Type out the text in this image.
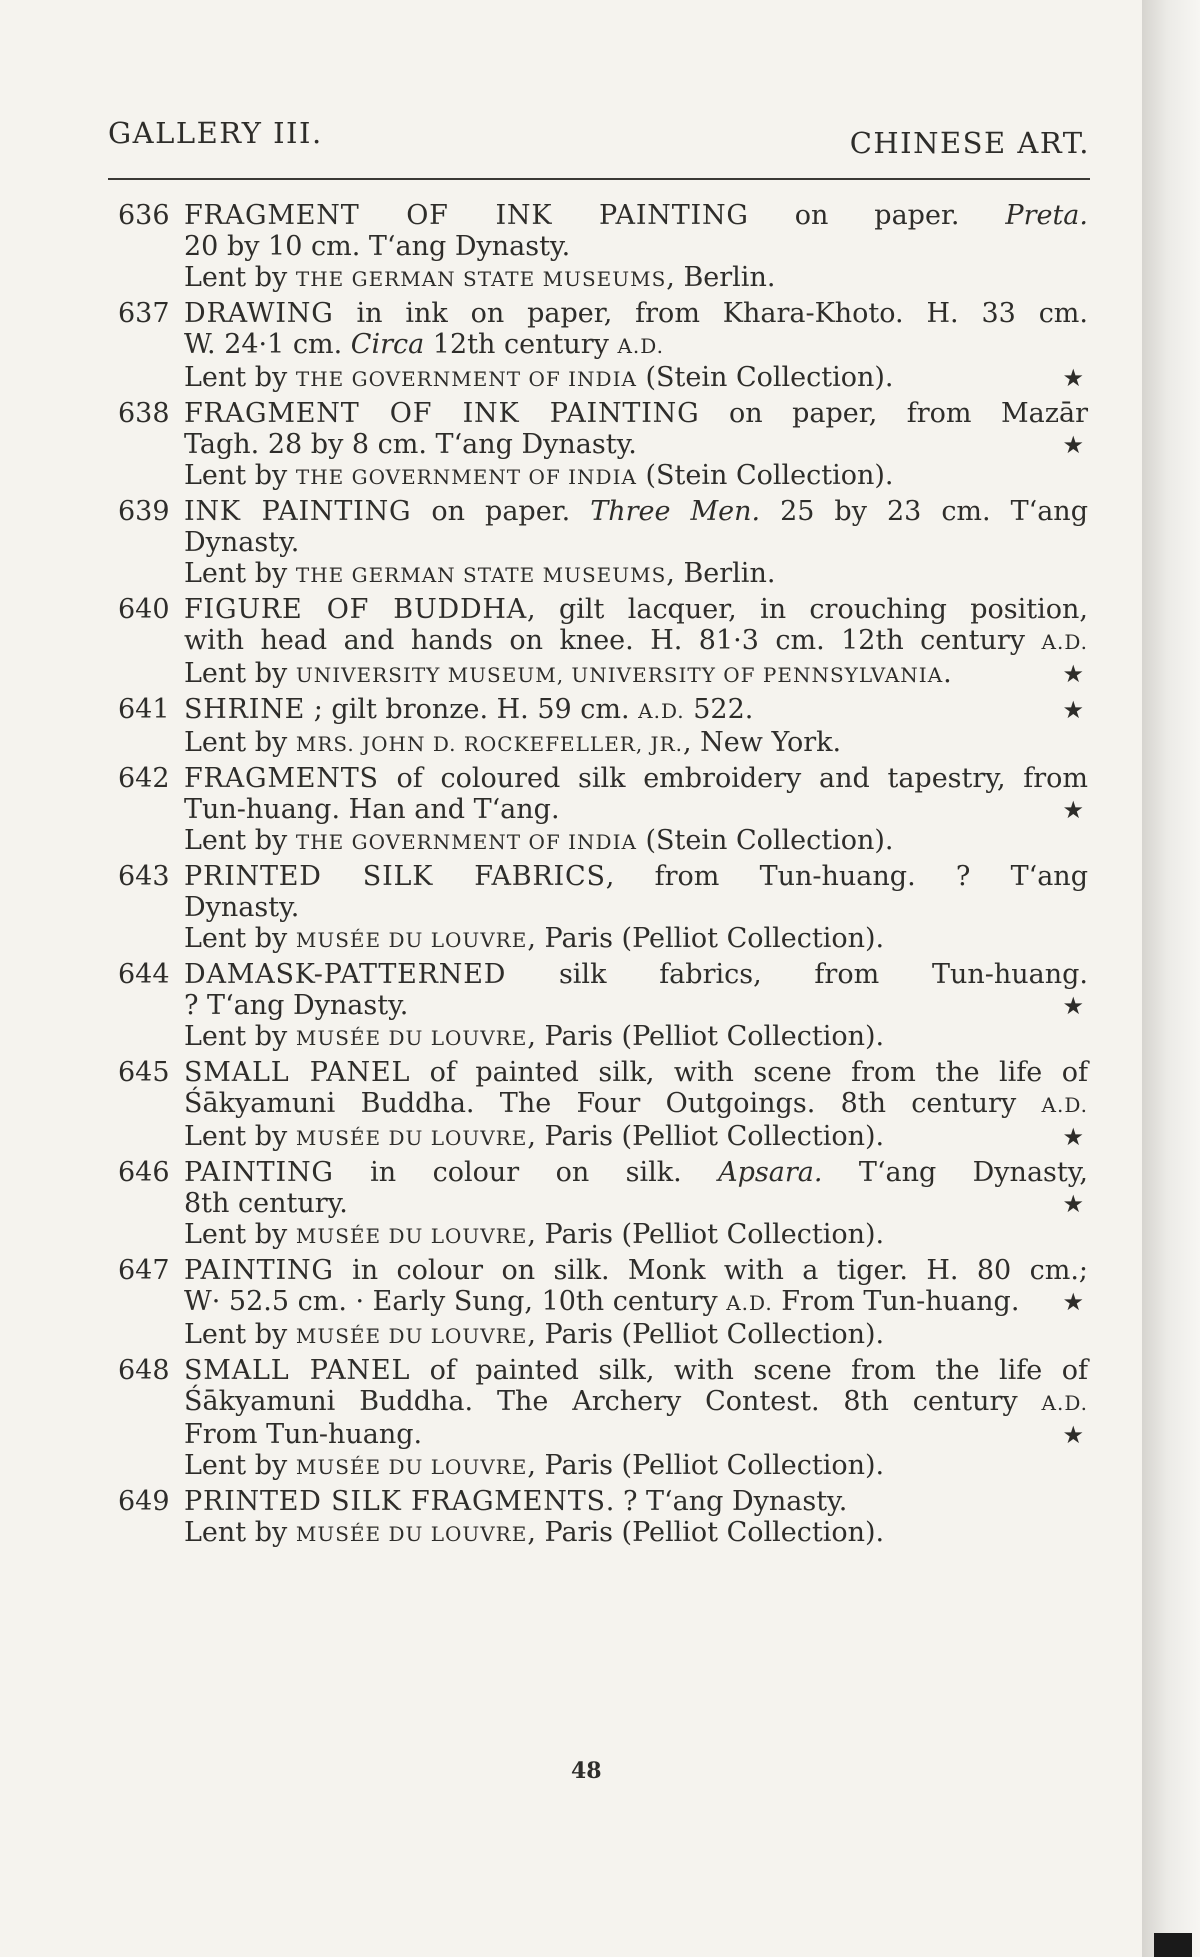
GALLERY III.	CHINESE ART.
636 FRAGMENT OF INK PAINTING on paper. Preta.
20 by 10 cm. T‘ang Dynasty.
Lent by THE GERMAN STATE MUSEUMS, Berlin.
637 DRAWING in ink on paper, from Khara-Khoto. H. 33 cm.
W. 24·1 cm. Circa 12th century A.D.
Lent by THE GOVERNMENT OF INDIA (Stein Collection).	★
638 FRAGMENT OF INK PAINTING on paper, from Mazār
Tagh. 28 by 8 cm. T‘ang Dynasty.	★
Lent by THE GOVERNMENT OF INDIA (Stein Collection).
639 INK PAINTING on paper. Three Men. 25 by 23 cm. T‘ang
Dynasty.
Lent by THE GERMAN STATE MUSEUMS, Berlin.
640 FIGURE OF BUDDHA, gilt lacquer, in crouching position,
with head and hands on knee. H. 81·3 cm. 12th century A.D.
Lent by UNIVERSITY MUSEUM, UNIVERSITY OF PENNSYLVANIA.	★
641 SHRINE ; gilt bronze. H. 59 cm. A.D. 522.	★
Lent by MRS. JOHN D. ROCKEFELLER, JR., New York.
642 FRAGMENTS of coloured silk embroidery and tapestry, from
Tun-huang. Han and T‘ang.	★
Lent by THE GOVERNMENT OF INDIA (Stein Collection).
643 PRINTED SILK FABRICS, from Tun-huang. ? T‘ang
Dynasty.
Lent by MUSÉE DU LOUVRE, Paris (Pelliot Collection).
644 DAMASK-PATTERNED silk fabrics, from Tun-huang.
? T‘ang Dynasty.	★
Lent by MUSÉE DU LOUVRE, Paris (Pelliot Collection).
645 SMALL PANEL of painted silk, with scene from the life of
Śākyamuni Buddha. The Four Outgoings. 8th century A.D.
Lent by MUSÉE DU LOUVRE, Paris (Pelliot Collection).	★
646 PAINTING in colour on silk. Apsara. T‘ang Dynasty,
8th century.	★
Lent by MUSÉE DU LOUVRE, Paris (Pelliot Collection).
647 PAINTING in colour on silk. Monk with a tiger. H. 80 cm.;
W· 52.5 cm. · Early Sung, 10th century A.D. From Tun-huang. ★
Lent by MUSÉE DU LOUVRE, Paris (Pelliot Collection).
648 SMALL PANEL of painted silk, with scene from the life of
Śākyamuni Buddha. The Archery Contest. 8th century A.D.
From Tun-huang.	★
Lent by MUSÉE DU LOUVRE, Paris (Pelliot Collection).
649 PRINTED SILK FRAGMENTS. ? T‘ang Dynasty.
Lent by MUSÉE DU LOUVRE, Paris (Pelliot Collection).
48
